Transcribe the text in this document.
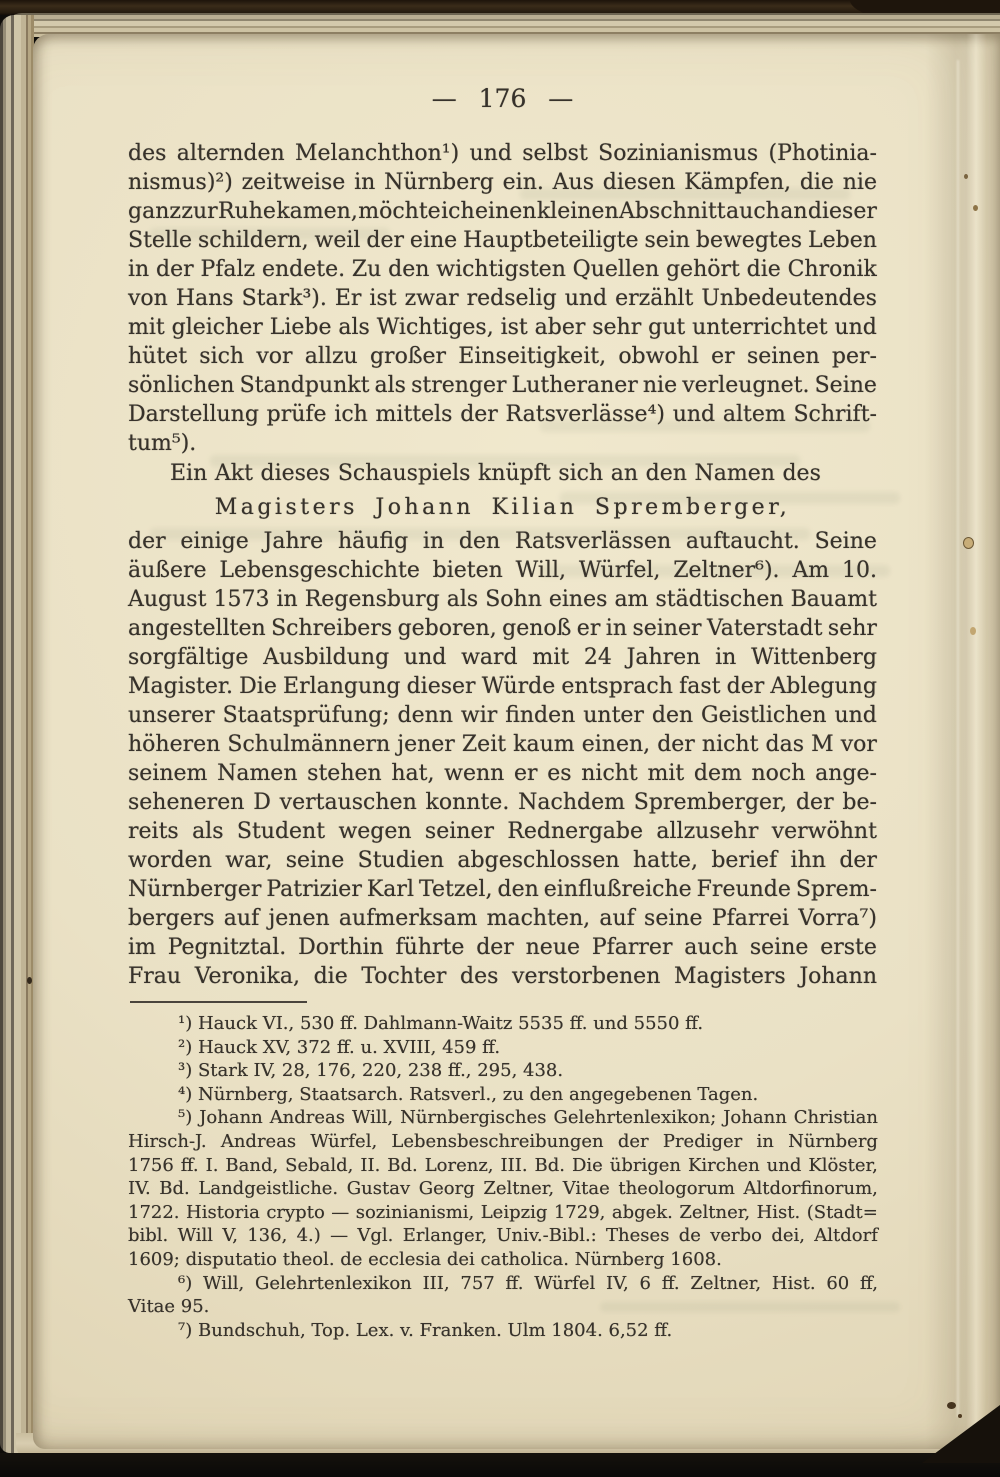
— 176 —
des alternden Melanchthon¹) und selbst Sozinianismus (Photinia-
nismus)²) zeitweise in Nürnberg ein. Aus diesen Kämpfen, die nie
ganz zur Ruhe kamen, möchte ich einen kleinen Abschnitt auch an dieser
Stelle schildern, weil der eine Hauptbeteiligte sein bewegtes Leben
in der Pfalz endete. Zu den wichtigsten Quellen gehört die Chronik
von Hans Stark³). Er ist zwar redselig und erzählt Unbedeutendes
mit gleicher Liebe als Wichtiges, ist aber sehr gut unterrichtet und
hütet sich vor allzu großer Einseitigkeit, obwohl er seinen per-
sönlichen Standpunkt als strenger Lutheraner nie verleugnet. Seine
Darstellung prüfe ich mittels der Ratsverlässe⁴) und altem Schrift-
tum⁵).
Ein Akt dieses Schauspiels knüpft sich an den Namen des
Magisters Johann Kilian Spremberger,
der einige Jahre häufig in den Ratsverlässen auftaucht. Seine
äußere Lebensgeschichte bieten Will, Würfel, Zeltner⁶). Am 10.
August 1573 in Regensburg als Sohn eines am städtischen Bauamt
angestellten Schreibers geboren, genoß er in seiner Vaterstadt sehr
sorgfältige Ausbildung und ward mit 24 Jahren in Wittenberg
Magister. Die Erlangung dieser Würde entsprach fast der Ablegung
unserer Staatsprüfung; denn wir finden unter den Geistlichen und
höheren Schulmännern jener Zeit kaum einen, der nicht das M vor
seinem Namen stehen hat, wenn er es nicht mit dem noch ange-
seheneren D vertauschen konnte. Nachdem Spremberger, der be-
reits als Student wegen seiner Rednergabe allzusehr verwöhnt
worden war, seine Studien abgeschlossen hatte, berief ihn der
Nürnberger Patrizier Karl Tetzel, den einflußreiche Freunde Sprem-
bergers auf jenen aufmerksam machten, auf seine Pfarrei Vorra⁷)
im Pegnitztal. Dorthin führte der neue Pfarrer auch seine erste
Frau Veronika, die Tochter des verstorbenen Magisters Johann
¹) Hauck VI., 530 ff. Dahlmann-Waitz 5535 ff. und 5550 ff.
²) Hauck XV, 372 ff. u. XVIII, 459 ff.
³) Stark IV, 28, 176, 220, 238 ff., 295, 438.
⁴) Nürnberg, Staatsarch. Ratsverl., zu den angegebenen Tagen.
⁵) Johann Andreas Will, Nürnbergisches Gelehrtenlexikon; Johann Christian
Hirsch-J. Andreas Würfel, Lebensbeschreibungen der Prediger in Nürnberg
1756 ff. I. Band, Sebald, II. Bd. Lorenz, III. Bd. Die übrigen Kirchen und Klöster,
IV. Bd. Landgeistliche. Gustav Georg Zeltner, Vitae theologorum Altdorfinorum,
1722. Historia crypto — sozinianismi, Leipzig 1729, abgek. Zeltner, Hist. (Stadt=
bibl. Will V, 136, 4.) — Vgl. Erlanger, Univ.-Bibl.: Theses de verbo dei, Altdorf
1609; disputatio theol. de ecclesia dei catholica. Nürnberg 1608.
⁶) Will, Gelehrtenlexikon III, 757 ff. Würfel IV, 6 ff. Zeltner, Hist. 60 ff,
Vitae 95.
⁷) Bundschuh, Top. Lex. v. Franken. Ulm 1804. 6,52 ff.
